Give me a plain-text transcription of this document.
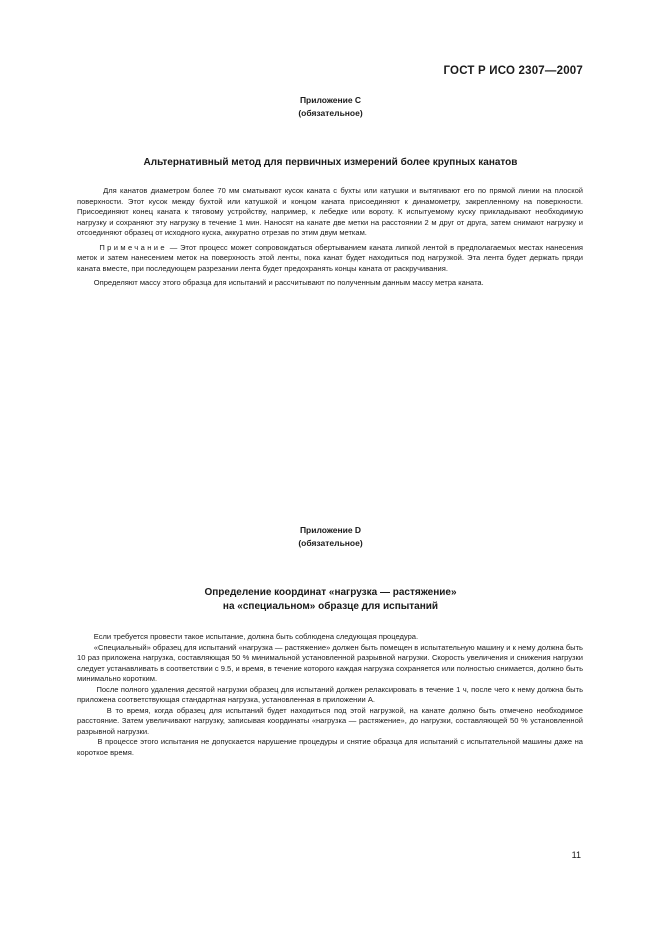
ГОСТ Р ИСО 2307—2007
Приложение C
(обязательное)
Альтернативный метод для первичных измерений более крупных канатов

Для канатов диаметром более 70 мм сматывают кусок каната с бухты или катушки и вытягивают его по прямой линии на плоской поверхности. Этот кусок между бухтой или катушкой и концом каната присоединяют к динамометру, закрепленному на поверхности. Присоединяют конец каната к тяговому устройству, например, к лебедке или вороту. К испытуемому куску прикладывают необходимую нагрузку и сохраняют эту нагрузку в течение 1 мин. Наносят на канате две метки на расстоянии 2 м друг от друга, затем снимают нагрузку и отсоединяют образец от исходного куска, аккуратно отрезав по этим двум меткам.

Примечание — Этот процесс может сопровождаться обертыванием каната липкой лентой в предполагаемых местах нанесения меток и затем нанесением меток на поверхность этой ленты, пока канат будет находиться под нагрузкой. Эта лента будет держать пряди каната вместе, при последующем разрезании лента будет предохранять концы каната от раскручивания.

Определяют массу этого образца для испытаний и рассчитывают по полученным данным массу метра каната.

Приложение D
(обязательное)
Определение координат «нагрузка — растяжение»
на «специальном» образце для испытаний

Если требуется провести такое испытание, должна быть соблюдена следующая процедура.

«Специальный» образец для испытаний «нагрузка — растяжение» должен быть помещен в испытательную машину и к нему должна быть 10 раз приложена нагрузка, составляющая 50 % минимальной установленной разрывной нагрузки. Скорость увеличения и снижения нагрузки следует устанавливать в соответствии с 9.5, и время, в течение которого каждая нагрузка сохраняется или полностью снимается, должно быть минимально коротким.

После полного удаления десятой нагрузки образец для испытаний должен релаксировать в течение 1 ч, после чего к нему должна быть приложена соответствующая стандартная нагрузка, установленная в приложении А.

В то время, когда образец для испытаний будет находиться под этой нагрузкой, на канате должно быть отмечено необходимое расстояние. Затем увеличивают нагрузку, записывая координаты «нагрузка — растяжение», до нагрузки, составляющей 50 % установленной разрывной нагрузки.

В процессе этого испытания не допускается нарушение процедуры и снятие образца для испытаний с испытательной машины даже на короткое время.

11
